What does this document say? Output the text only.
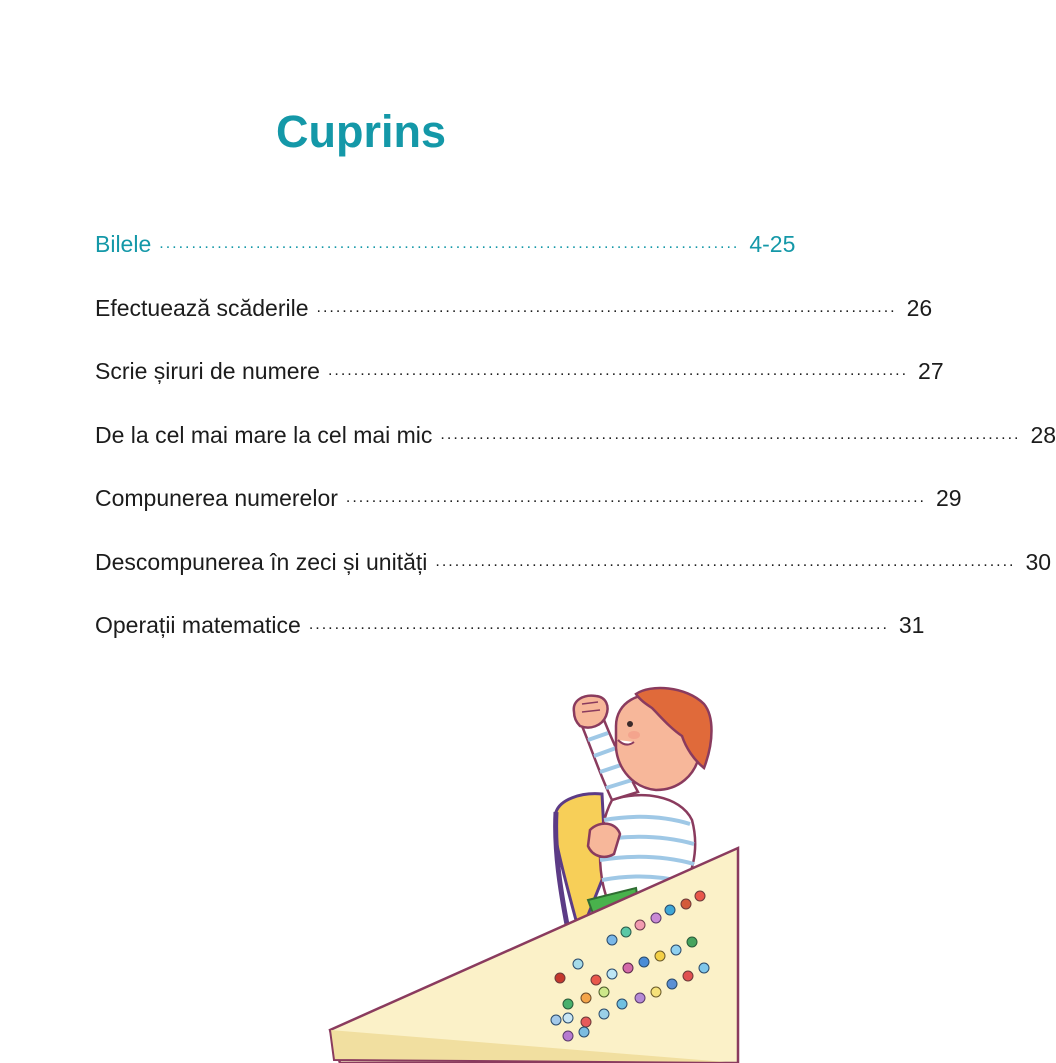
Cuprins
Bilele .......................................................................................... 4-25
Efectuează scăderile .......................................................................................... 26
Scrie șiruri de numere .......................................................................................... 27
De la cel mai mare la cel mai mic .......................................................................................... 28
Compunerea numerelor .......................................................................................... 29
Descompunerea în zeci și unități .......................................................................................... 30
Operații matematice .......................................................................................... 31
